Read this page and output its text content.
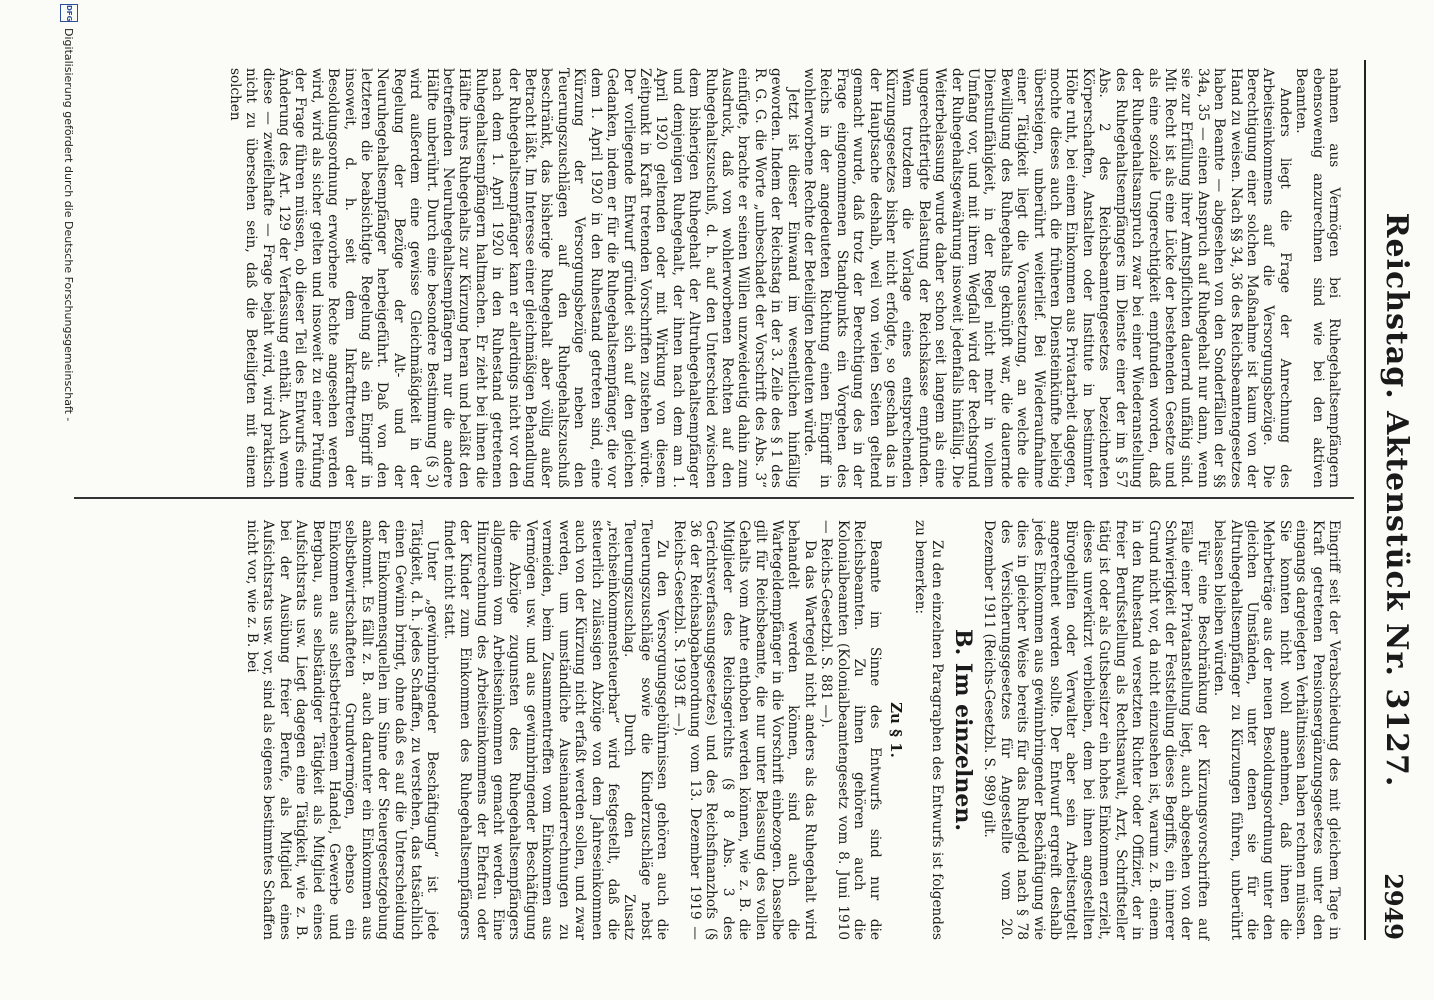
Reichstag. Aktenstück Nr. 3127.
2949

nahmen aus Vermögen bei Ruhegehaltsempfängern ebensowenig anzurechnen sind wie bei den aktiven Beamten.

Anders liegt die Frage der Anrechnung des Arbeitseinkommens auf die Versorgungsbezüge. Die Berechtigung einer solchen Maßnahme ist kaum von der Hand zu weisen. Nach §§ 34, 36 des Reichsbeamtengesetzes haben Beamte — abgesehen von den Sonderfällen der §§ 34a, 35 — einen Anspruch auf Ruhegehalt nur dann, wenn sie zur Erfüllung ihrer Amtspflichten dauernd unfähig sind. Mit Recht ist als eine Lücke der bestehenden Gesetze und als eine soziale Ungerechtigkeit empfunden worden, daß der Ruhegehaltsanspruch zwar bei einer Wiederanstellung des Ruhegehaltsempfängers im Dienste einer der im § 57 Abs. 2 des Reichsbeamtengesetzes bezeichneten Körperschaften, Anstalten oder Institute in bestimmter Höhe ruht, bei einem Einkommen aus Privatarbeit dagegen, mochte dieses auch die früheren Diensteinkünfte beliebig übersteigen, unberührt weiterlief. Bei Wiederaufnahme einer Tätigkeit liegt die Voraussetzung, an welche die Bewilligung des Ruhegehalts geknüpft war, die dauernde Dienstunfähigkeit, in der Regel nicht mehr in vollem Umfang vor, und mit ihrem Wegfall wird der Rechtsgrund der Ruhegehaltsgewährung insoweit jedenfalls hinfällig. Die Weiterbelassung wurde daher schon seit langem als eine ungerechtfertigte Belastung der Reichskasse empfunden. Wenn trotzdem die Vorlage eines entsprechenden Kürzungsgesetzes bisher nicht erfolgte, so geschah das in der Hauptsache deshalb, weil von vielen Seiten geltend gemacht wurde, daß trotz der Berechtigung des in der Frage eingenommenen Standpunkts ein Vorgehen des Reichs in der angedeuteten Richtung einen Eingriff in wohlerworbene Rechte der Beteiligten bedeuten würde.

Jetzt ist dieser Einwand im wesentlichen hinfällig geworden. Indem der Reichstag in der 3. Zeile des § 1 des R. G. G. die Worte „unbeschadet der Vorschrift des Abs. 3“ einfügte, brachte er seinen Willen unzweideutig dahin zum Ausdruck, daß von wohlerworbenen Rechten auf den Ruhegehaltszuschuß, d. h. auf den Unterschied zwischen dem bisherigen Ruhegehalt der Altruhegehaltsempfänger und demjenigen Ruhegehalt, der ihnen nach dem am 1. April 1920 geltenden oder mit Wirkung von diesem Zeitpunkt in Kraft tretenden Vorschriften zustehen würde. Der vorliegende Entwurf gründet sich auf den gleichen Gedanken, indem er für die Ruhegehaltsempfänger, die vor dem 1. April 1920 in den Ruhestand getreten sind, eine Kürzung der Versorgungsbezüge neben den Teuerungszuschlägen auf den Ruhegehaltszuschuß beschränkt, das bisherige Ruhegehalt aber völlig außer Betracht läßt. Im Interesse einer gleichmäßigen Behandlung der Ruhegehaltsempfänger kann er allerdings nicht vor den nach dem 1. April 1920 in den Ruhestand getretenen Ruhegehaltsempfängern haltmachen. Er zieht bei ihnen die Hälfte ihres Ruhegehalts zur Kürzung heran und beläßt den betreffenden Neuruhegehaltsempfängern nur die andere Hälfte unberührt. Durch eine besondere Bestimmung (§ 3) wird außerdem eine gewisse Gleichmäßigkeit in der Regelung der Bezüge der Alt- und der Neuruhegehaltsempfänger herbeigeführt. Daß von den letzteren die beabsichtigte Regelung als ein Eingriff in insoweit, d. h. seit dem Inkrafttreten der Besoldungsordnung erworbene Rechte angesehen werden wird, wird als sicher gelten und insoweit zu einer Prüfung der Frage führen müssen, ob dieser Teil des Entwurfs eine Änderung des Art. 129 der Verfassung enthält. Auch wenn diese — zweifelhafte — Frage bejaht wird, wird praktisch nicht zu übersehen sein, daß die Beteiligten mit einem solchen

Eingriff seit der Verabschiedung des mit gleichem Tage in Kraft getretenen Pensionsergänzungsgesetzes unter den eingangs dargelegten Verhältnissen haben rechnen müssen. Sie konnten nicht wohl annehmen, daß ihnen die Mehrbeträge aus der neuen Besoldungsordnung unter den gleichen Umständen, unter denen sie für die Altruhegehaltsempfänger zu Kürzungen führen, unberührt belassen bleiben würden.

Für eine Beschränkung der Kürzungsvorschriften auf Fälle einer Privatanstellung liegt, auch abgesehen von der Schwierigkeit der Feststellung dieses Begriffs, ein innerer Grund nicht vor, da nicht einzusehen ist, warum z. B. einem in den Ruhestand versetzten Richter oder Offizier, der in freier Berufsstellung als Rechtsanwalt, Arzt, Schriftsteller tätig ist oder als Gutsbesitzer ein hohes Einkommen erzielt, dieses unverkürzt verbleiben, dem bei ihnen angestellten Bürogehilfen oder Verwalter aber sein Arbeitsentgelt angerechnet werden sollte. Der Entwurf ergreift deshalb jedes Einkommen aus gewinnbringender Beschäftigung wie dies in gleicher Weise bereits für das Ruhegeld nach § 78 des Versicherungsgesetzes für Angestellte vom 20. Dezember 1911 (Reichs-Gesetzbl. S. 989) gilt.

B. Im einzelnen.

Zu den einzelnen Paragraphen des Entwurfs ist folgendes zu bemerken:

Zu § 1.

Beamte im Sinne des Entwurfs sind nur die Reichsbeamten. Zu ihnen gehören auch die Kolonialbeamten (Kolonialbeamtengesetz vom 8. Juni 1910 — Reichs-Gesetzbl. S. 881 —).

Da das Wartegeld nicht anders als das Ruhegehalt wird behandelt werden können, sind auch die Wartegeldempfänger in die Vorschrift einbezogen. Dasselbe gilt für Reichsbeamte, die nur unter Belassung des vollen Gehalts vom Amte enthoben werden können, wie z. B. die Mitglieder des Reichsgerichts (§ 8 Abs. 3 des Gerichtsverfassungsgesetzes) und des Reichsfinanzhofs (§ 36 der Reichsabgabenordnung vom 13. Dezember 1919 — Reichs-Gesetzbl. S. 1993 ff. —).

Zu den Versorgungsgebührnissen gehören auch die Teuerungszuschläge sowie die Kinderzuschläge nebst Teuerungszuschlag. Durch den Zusatz „reichseinkommensteuerbar“ wird festgestellt, daß die steuerlich zulässigen Abzüge von dem Jahreseinkommen auch von der Kürzung nicht erfaßt werden sollen, und zwar werden, um umständliche Auseinanderrechnungen zu vermeiden, beim Zusammentreffen vom Einkommen aus Vermögen usw. und aus gewinnbringender Beschäftigung die Abzüge zugunsten des Ruhegehaltsempfängers allgemein vom Arbeitseinkommen gemacht werden. Eine Hinzurechnung des Arbeitseinkommens der Ehefrau oder der Kinder zum Einkommen des Ruhegehaltsempfängers findet nicht statt.

Unter „gewinnbringender Beschäftigung“ ist jede Tätigkeit, d. h. jedes Schaffen, zu verstehen, das tatsächlich einen Gewinn bringt, ohne daß es auf die Unterscheidung der Einkommensquellen im Sinne der Steuergesetzgebung ankommt. Es fällt z. B. auch darunter ein Einkommen aus selbstbewirtschafteten Grundvermögen, ebenso ein Einkommen aus selbstbetriebenem Handel, Gewerbe und Bergbau, aus selbständiger Tätigkeit als Mitglied eines Aufsichtsrats usw. Liegt dagegen eine Tätigkeit, wie z. B. bei der Ausübung freier Berufe, als Mitglied eines Aufsichtsrats usw. vor, sind als eigenes bestimmtes Schaffen nicht vor, wie z. B. bei

DFG
Digitalisierung gefördert durch die Deutsche Forschungsgemeinschaft -
